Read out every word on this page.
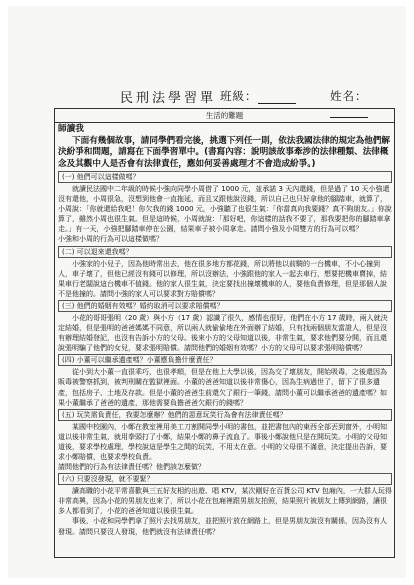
民刑法學習單 班級：	姓名：
生活的難題

師讀我

下面有幾個故事，請同學們看完後，挑選下列任一則，依法我國法律的規定為他們解決紛爭和問題，請寫在下面學習單中。(書寫內容：說明該故事牽涉的法律種類、法律概念及其觀中人是否會有法律責任，應如何妥善處理才不會造成紛爭。)

(一) 他們可以這樣做嗎？

就讀民法國中二年級的時候小強向同學小周借了 1000 元，並承諾 3 天內還錢，但是過了 10 天小強還沒有還他，小周很急，沒想到他會一直拖延，而且又跟他說沒錢，所以自己也只好拿他的腳踏車，就算了，小周說：「你就還給我吧！你欠我的錢 1000 元，小強聽了也很生氣：「你當真向我要錢？真不夠朋友。」你說算了，雖然小周也很生氣。但是這時候，小周就說：「那好吧，你這樣的話我不要了，那我要把你的腳踏車拿走。」有一天，小強把腳踏車停在公園，結果車子被小周拿走。請問小強及小周雙方的行為可以嗎？

小強和小周的行為可以這樣做嗎？

(二) 可以退來還我嗎？

小強家的小兒子，因為他時常出去，他在很多地方都花錢，所以將他以前騎的一台機車，不小心撞到人，車子壞了，但他已經沒有錢可以修理，所以沒辦法，小強跟他的家人一起去車行，想要把機車賣掉，結果車行老闆說這台機車不值錢。他的家人很生氣，決定要找出撞壞機車的人，要他負責修理，但是那個人說不是他撞的。請問小強的家人可以要求對方賠償嗎？

(三) 他們的婚姻有效嗎？婚約取消可以要求賠償嗎？

小花的哥哥張明（20 歲）與小方（17 歲）認識了很久，感情也很好，他們在小方 17 歲時，兩人就決定結婚，但是張明的爸爸媽媽不同意，所以兩人就偷偷地在外面辦了結婚，只有找兩個朋友當證人，但是沒有辦理結婚登記，也沒有告訴小方的父母。後來小方的父母知道以後，非常生氣，要求他們要分開，而且還說張明騙了他們的女兒，要求張明賠償。請問他們的婚姻有效嗎？小方的父母可以要求張明賠償嗎？

(四) 小董可以繼承遺產嗎？小董應負擔什麼責任？

從小到大小董一直很乖巧，也很孝順，但是在他上大學以後，因為交了壞朋友，開始吸毒，之後還因為販毒被警察抓到，被判刑關在監獄裡面。小董的爸爸知道以後非常傷心，因為生病過世了，留下了很多遺產，包括房子、土地及存款。但是小董的爸爸生前還欠了銀行一筆錢，請問小董可以繼承爸爸的遺產嗎？如果小董繼承了爸爸的遺產，那他需要負擔爸爸欠銀行的錢嗎？

(五) 玩笑需負責任，我要怎麼辦？他們的惡意玩笑行為會有法律責任嗎？

某國中校園內，小鄭在教室裡用美工刀割開同學小明的書包，並把書包內的東西全部丟到窗外，小明知道以後非常生氣，就用拳頭打了小鄭，結果小鄭的鼻子流血了。事後小鄭說他只是在開玩笑。小明的父母知道後，要求學校處理，學校說這是學生之間的玩笑，不用太在意。小明的父母很不滿意，決定提出告訴，要求小鄭賠償，也要求學校負責。

請問他們的行為有法律責任嗎？他們該怎麼做？

(六) 只要沒發現，就不要緊？

讀高職的小花平常喜歡與三五好友相約出遊、唱 KTV，某次剛好在百貨公司 KTV 包廂內，一大群人玩得非常高興，因為小花的男朋友也來了，所以小花在包廂裡跟男朋友拍照，結果照片被朋友上傳到網路，讓很多人都看到了，小花的爸爸知道以後很生氣。

事後，小花和同學們拿了照片去找男朋友，並把照片放在網路上，但是男朋友說沒有關係，因為沒有人發現。請問只要沒人發現，他們就沒有法律責任嗎？
